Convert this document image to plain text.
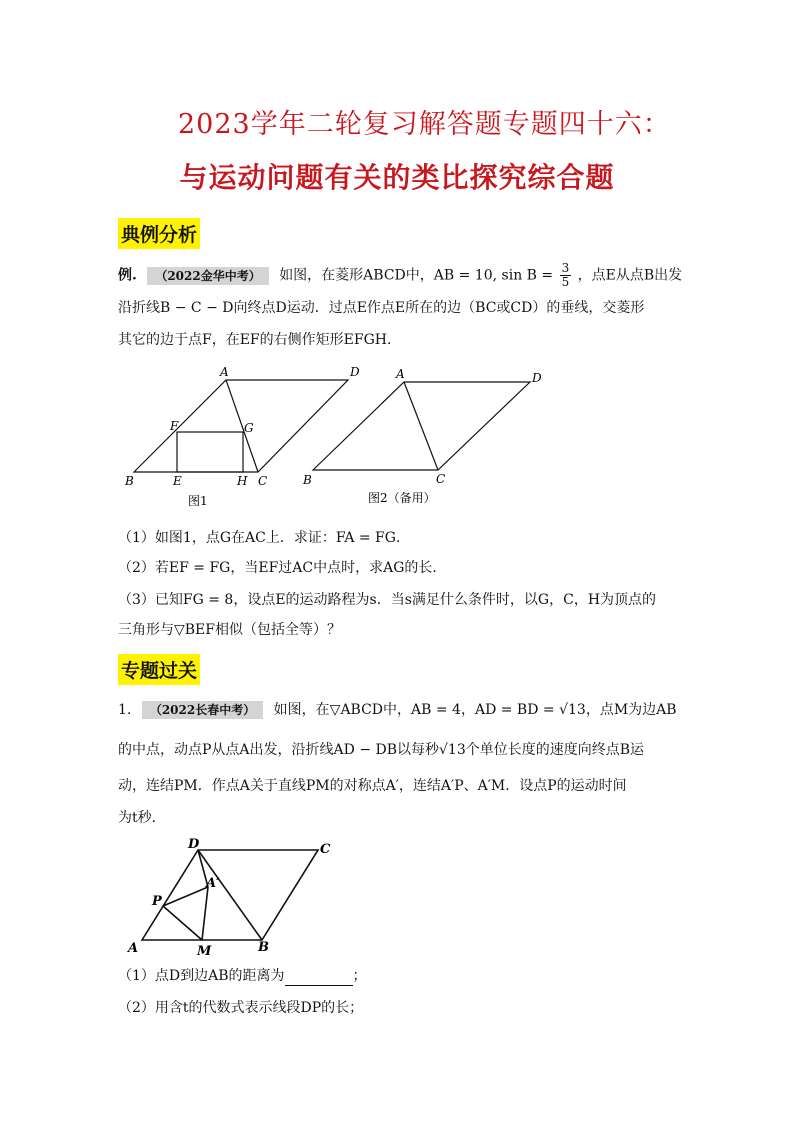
2023学年二轮复习解答题专题四十六：
与运动问题有关的类比探究综合题
典例分析
例. （2022金华中考） 如图，在菱形ABCD中，AB = 10, $\sin B = \frac{3}{5}$ ，点E从点B出发
沿折线B − C − D向终点D运动．过点E作点E所在的边（BC或CD）的垂线，交菱形
其它的边于点F，在EF的右侧作矩形EFGH．
A	D
B	C
E
F	G
H
图1
A	D
B	C
图2（备用）
（1）如图1，点G在AC上．求证：FA = FG．
（2）若EF = FG，当EF过AC中点时，求AG的长．
（3）已知FG = 8，设点E的运动路程为s．当s满足什么条件时，以G，C，H为顶点的
三角形与▽BEF相似（包括全等）？
专题过关
1. （2022长春中考） 如图，在▽ABCD中，AB = 4，AD = BD = √13，点M为边AB
的中点，动点P从点A出发，沿折线AD − DB以每秒√13个单位长度的速度向终点B运
动，连结PM．作点A关于直线PM的对称点A′，连结A′P、A′M．设点P的运动时间
为t秒．
D	C
A′
P
A	M	B
（1）点D到边AB的距离为	；
（2）用含t的代数式表示线段DP的长；
